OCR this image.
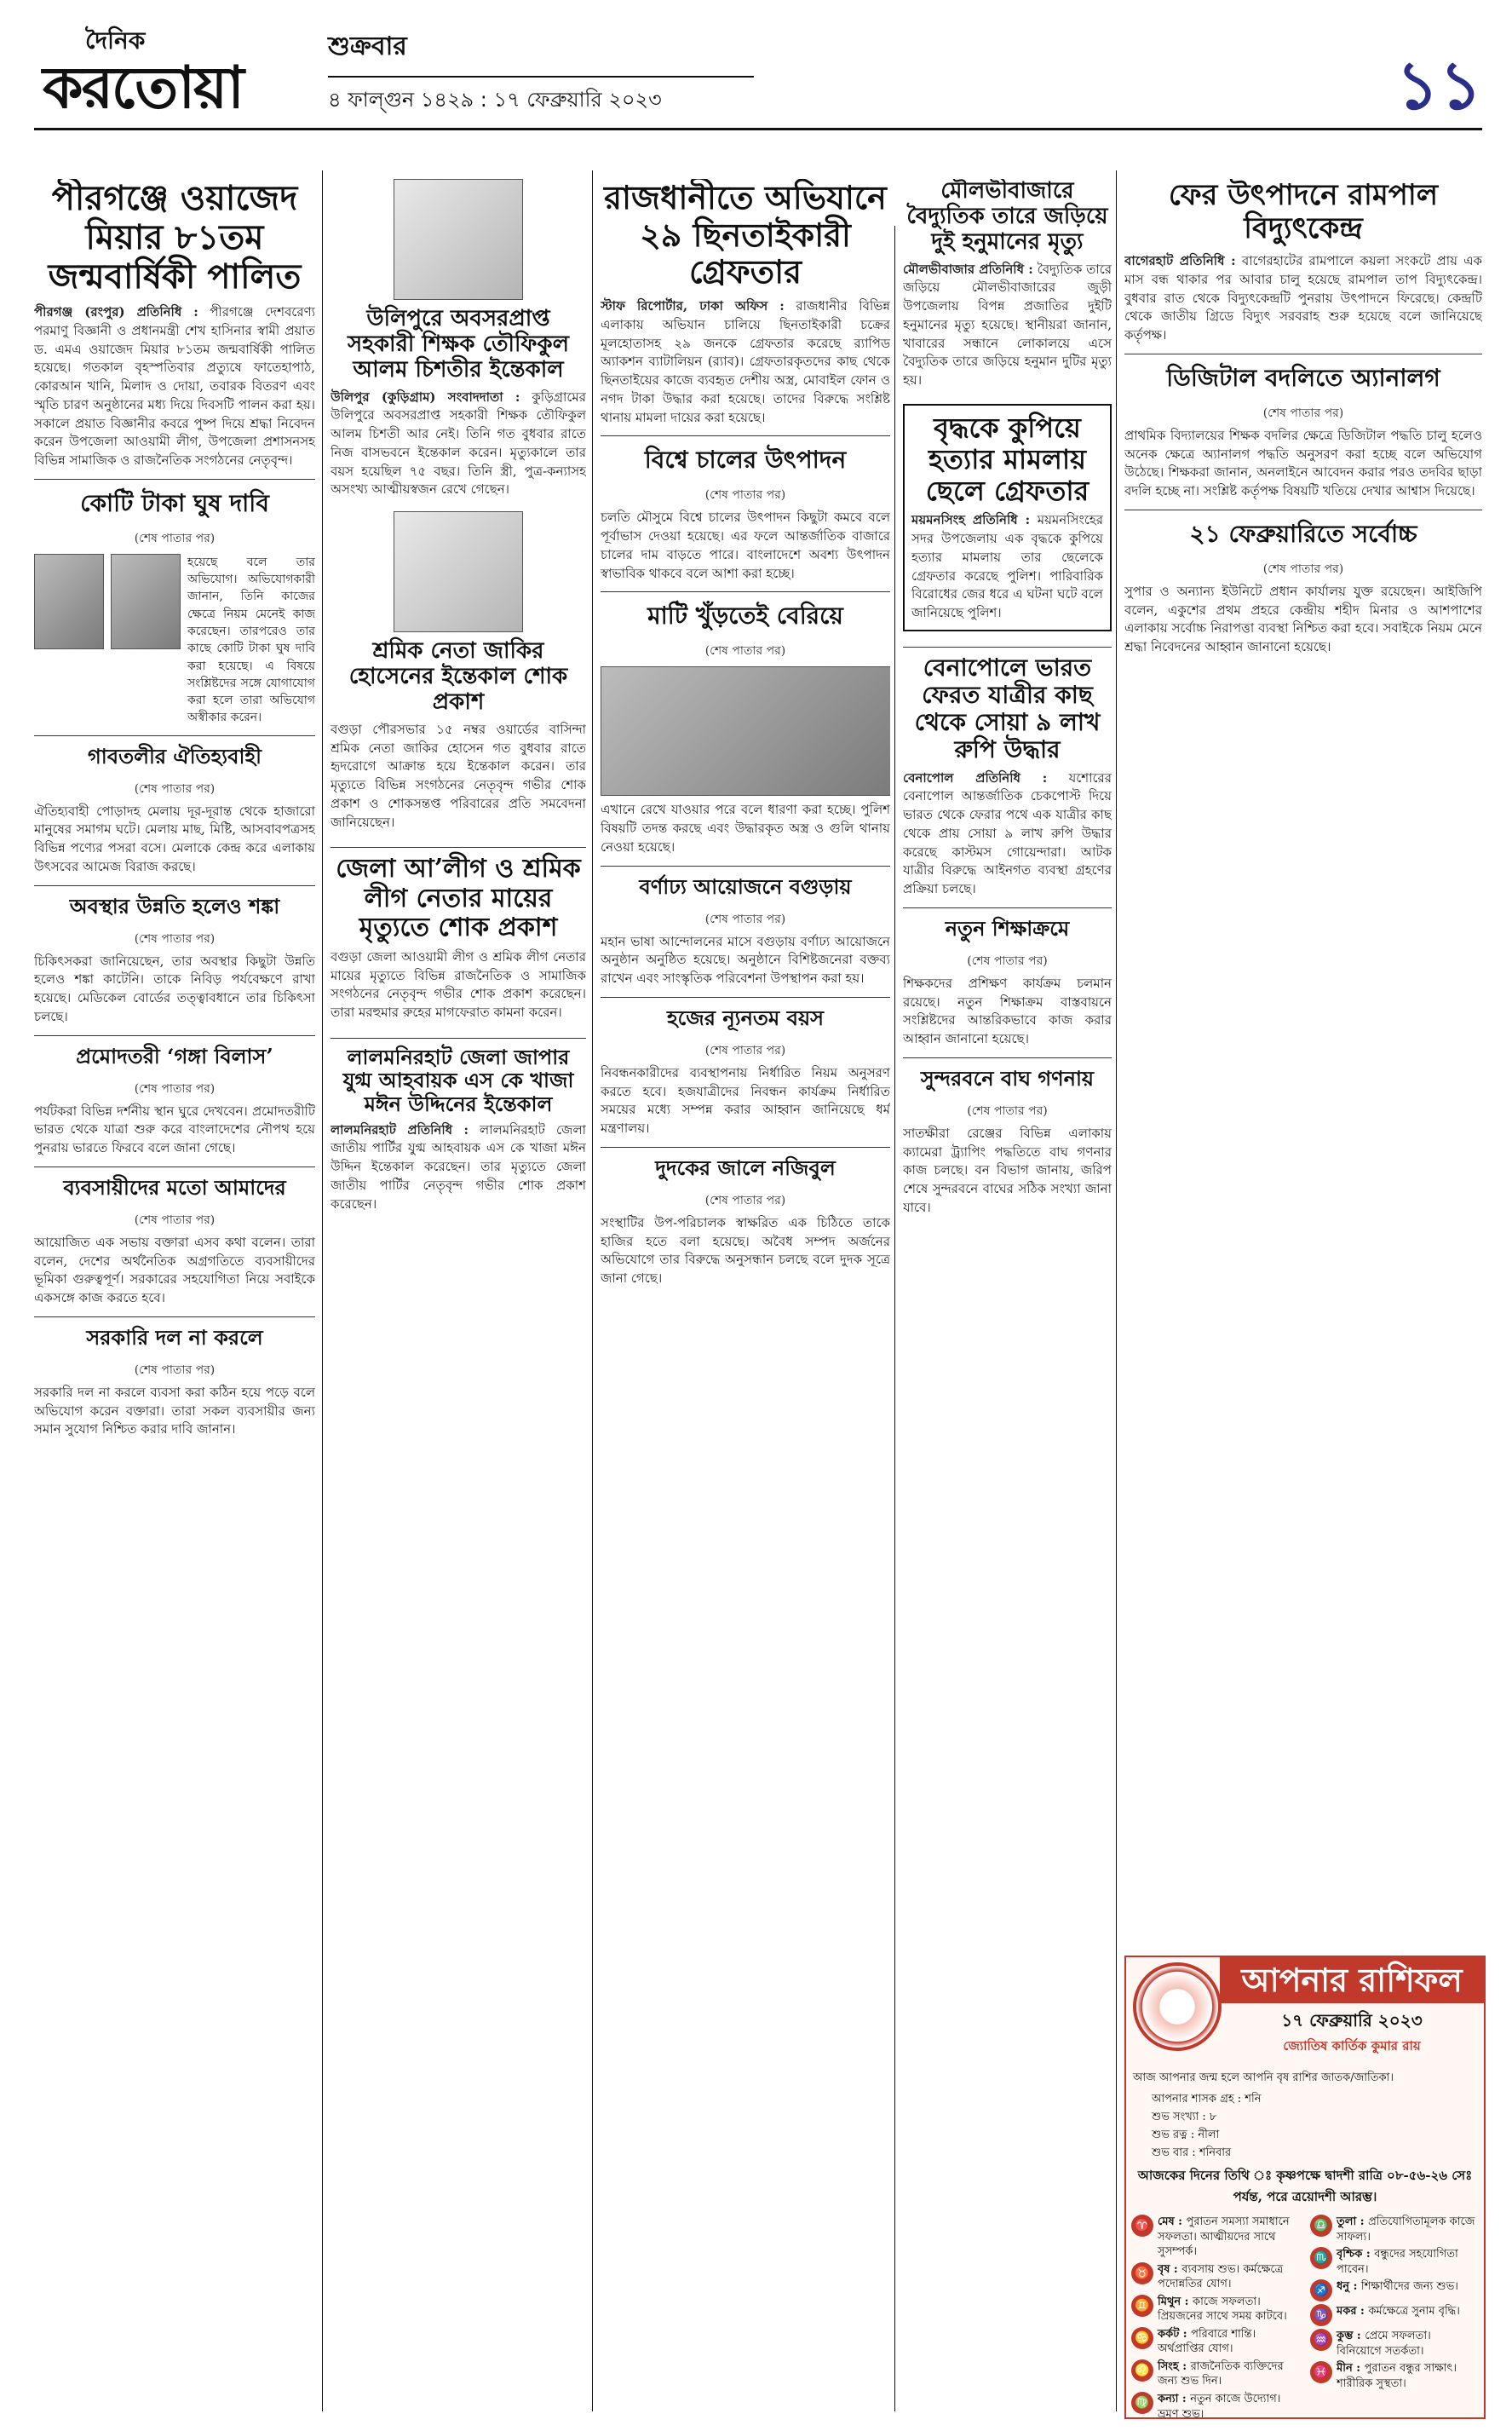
দৈনিক
করতোয়া
শুক্রবার
৪ ফাল্গুন ১৪২৯ : ১৭ ফেব্রুয়ারি ২০২৩	১১
পীরগঞ্জে ওয়াজেদ মিয়ার ৮১তম জন্মবার্ষিকী পালিত

পীরগঞ্জ (রংপুর) প্রতিনিধি : পীরগঞ্জে দেশবরেণ্য পরমাণু বিজ্ঞানী ও প্রধানমন্ত্রী শেখ হাসিনার স্বামী প্রয়াত ড. এমএ ওয়াজেদ মিয়ার ৮১তম জন্মবার্ষিকী পালিত হয়েছে। গতকাল বৃহস্পতিবার প্রত্যুষে ফাতেহাপাঠ, কোরআন খানি, মিলাদ ও দোয়া, তবারক বিতরণ এবং স্মৃতি চারণ অনুষ্ঠানের মধ্য দিয়ে দিবসটি পালন করা হয়। সকালে প্রয়াত বিজ্ঞানীর কবরে পুষ্প দিয়ে শ্রদ্ধা নিবেদন করেন উপজেলা আওয়ামী লীগ, উপজেলা প্রশাসনসহ বিভিন্ন সামাজিক ও রাজনৈতিক সংগঠনের নেতৃবৃন্দ।

কোটি টাকা ঘুষ দাবি
(শেষ পাতার পর)

হয়েছে বলে তার অভিযোগ। অভিযোগকারী জানান, তিনি কাজের ক্ষেত্রে নিয়ম মেনেই কাজ করেছেন। তারপরেও তার কাছে কোটি টাকা ঘুষ দাবি করা হয়েছে। এ বিষয়ে সংশ্লিষ্টদের সঙ্গে যোগাযোগ করা হলে তারা অভিযোগ অস্বীকার করেন।

গাবতলীর ঐতিহ্যবাহী
(শেষ পাতার পর)

ঐতিহ্যবাহী পোড়াদহ মেলায় দূর-দূরান্ত থেকে হাজারো মানুষের সমাগম ঘটে। মেলায় মাছ, মিষ্টি, আসবাবপত্রসহ বিভিন্ন পণ্যের পসরা বসে। মেলাকে কেন্দ্র করে এলাকায় উৎসবের আমেজ বিরাজ করছে।

অবস্থার উন্নতি হলেও শঙ্কা
(শেষ পাতার পর)

চিকিৎসকরা জানিয়েছেন, তার অবস্থার কিছুটা উন্নতি হলেও শঙ্কা কাটেনি। তাকে নিবিড় পর্যবেক্ষণে রাখা হয়েছে। মেডিকেল বোর্ডের তত্ত্বাবধানে তার চিকিৎসা চলছে।

প্রমোদতরী ‘গঙ্গা বিলাস’
(শেষ পাতার পর)

পর্যটকরা বিভিন্ন দর্শনীয় স্থান ঘুরে দেখবেন। প্রমোদতরীটি ভারত থেকে যাত্রা শুরু করে বাংলাদেশের নৌপথ হয়ে পুনরায় ভারতে ফিরবে বলে জানা গেছে।

ব্যবসায়ীদের মতো আমাদের
(শেষ পাতার পর)

আয়োজিত এক সভায় বক্তারা এসব কথা বলেন। তারা বলেন, দেশের অর্থনৈতিক অগ্রগতিতে ব্যবসায়ীদের ভূমিকা গুরুত্বপূর্ণ। সরকারের সহযোগিতা নিয়ে সবাইকে একসঙ্গে কাজ করতে হবে।

সরকারি দল না করলে
(শেষ পাতার পর)

সরকারি দল না করলে ব্যবসা করা কঠিন হয়ে পড়ে বলে অভিযোগ করেন বক্তারা। তারা সকল ব্যবসায়ীর জন্য সমান সুযোগ নিশ্চিত করার দাবি জানান।

উলিপুরে অবসরপ্রাপ্ত সহকারী শিক্ষক তৌফিকুল আলম চিশতীর ইন্তেকাল

উলিপুর (কুড়িগ্রাম) সংবাদদাতা : কুড়িগ্রামের উলিপুরে অবসরপ্রাপ্ত সহকারী শিক্ষক তৌফিকুল আলম চিশতী আর নেই। তিনি গত বুধবার রাতে নিজ বাসভবনে ইন্তেকাল করেন। মৃত্যুকালে তার বয়স হয়েছিল ৭৫ বছর। তিনি স্ত্রী, পুত্র-কন্যাসহ অসংখ্য আত্মীয়স্বজন রেখে গেছেন।

শ্রমিক নেতা জাকির হোসেনের ইন্তেকাল শোক প্রকাশ

বগুড়া পৌরসভার ১৫ নম্বর ওয়ার্ডের বাসিন্দা শ্রমিক নেতা জাকির হোসেন গত বুধবার রাতে হৃদরোগে আক্রান্ত হয়ে ইন্তেকাল করেন। তার মৃত্যুতে বিভিন্ন সংগঠনের নেতৃবৃন্দ গভীর শোক প্রকাশ ও শোকসন্তপ্ত পরিবারের প্রতি সমবেদনা জানিয়েছেন।

জেলা আ’লীগ ও শ্রমিক লীগ নেতার মায়ের মৃত্যুতে শোক প্রকাশ

বগুড়া জেলা আওয়ামী লীগ ও শ্রমিক লীগ নেতার মায়ের মৃত্যুতে বিভিন্ন রাজনৈতিক ও সামাজিক সংগঠনের নেতৃবৃন্দ গভীর শোক প্রকাশ করেছেন। তারা মরহুমার রুহের মাগফেরাত কামনা করেন।

লালমনিরহাট জেলা জাপার যুগ্ম আহবায়ক এস কে খাজা মঈন উদ্দিনের ইন্তেকাল

লালমনিরহাট প্রতিনিধি : লালমনিরহাট জেলা জাতীয় পার্টির যুগ্ম আহবায়ক এস কে খাজা মঈন উদ্দিন ইন্তেকাল করেছেন। তার মৃত্যুতে জেলা জাতীয় পার্টির নেতৃবৃন্দ গভীর শোক প্রকাশ করেছেন।

রাজধানীতে অভিযানে ২৯ ছিনতাইকারী গ্রেফতার

স্টাফ রিপোর্টার, ঢাকা অফিস : রাজধানীর বিভিন্ন এলাকায় অভিযান চালিয়ে ছিনতাইকারী চক্রের মূলহোতাসহ ২৯ জনকে গ্রেফতার করেছে র‍্যাপিড অ্যাকশন ব্যাটালিয়ন (র‍্যাব)। গ্রেফতারকৃতদের কাছ থেকে ছিনতাইয়ের কাজে ব্যবহৃত দেশীয় অস্ত্র, মোবাইল ফোন ও নগদ টাকা উদ্ধার করা হয়েছে। তাদের বিরুদ্ধে সংশ্লিষ্ট থানায় মামলা দায়ের করা হয়েছে।

বিশ্বে চালের উৎপাদন
(শেষ পাতার পর)

চলতি মৌসুমে বিশ্বে চালের উৎপাদন কিছুটা কমবে বলে পূর্বাভাস দেওয়া হয়েছে। এর ফলে আন্তর্জাতিক বাজারে চালের দাম বাড়তে পারে। বাংলাদেশে অবশ্য উৎপাদন স্বাভাবিক থাকবে বলে আশা করা হচ্ছে।

মাটি খুঁড়তেই বেরিয়ে
(শেষ পাতার পর)

এখানে রেখে যাওয়ার পরে বলে ধারণা করা হচ্ছে। পুলিশ বিষয়টি তদন্ত করছে এবং উদ্ধারকৃত অস্ত্র ও গুলি থানায় নেওয়া হয়েছে।

বর্ণাঢ্য আয়োজনে বগুড়ায়
(শেষ পাতার পর)

মহান ভাষা আন্দোলনের মাসে বগুড়ায় বর্ণাঢ্য আয়োজনে অনুষ্ঠান অনুষ্ঠিত হয়েছে। অনুষ্ঠানে বিশিষ্টজনেরা বক্তব্য রাখেন এবং সাংস্কৃতিক পরিবেশনা উপস্থাপন করা হয়।

হজের ন্যূনতম বয়স
(শেষ পাতার পর)

নিবন্ধনকারীদের ব্যবস্থাপনায় নির্ধারিত নিয়ম অনুসরণ করতে হবে। হজযাত্রীদের নিবন্ধন কার্যক্রম নির্ধারিত সময়ের মধ্যে সম্পন্ন করার আহ্বান জানিয়েছে ধর্ম মন্ত্রণালয়।

দুদকের জালে নজিবুল
(শেষ পাতার পর)

সংস্থাটির উপ-পরিচালক স্বাক্ষরিত এক চিঠিতে তাকে হাজির হতে বলা হয়েছে। অবৈধ সম্পদ অর্জনের অভিযোগে তার বিরুদ্ধে অনুসন্ধান চলছে বলে দুদক সূত্রে জানা গেছে।

মৌলভীবাজারে বৈদ্যুতিক তারে জড়িয়ে দুই হনুমানের মৃত্যু

মৌলভীবাজার প্রতিনিধি : বৈদ্যুতিক তারে জড়িয়ে মৌলভীবাজারের জুড়ী উপজেলায় বিপন্ন প্রজাতির দুইটি হনুমানের মৃত্যু হয়েছে। স্থানীয়রা জানান, খাবারের সন্ধানে লোকালয়ে এসে বৈদ্যুতিক তারে জড়িয়ে হনুমান দুটির মৃত্যু হয়।

বৃদ্ধকে কুপিয়ে হত্যার মামলায় ছেলে গ্রেফতার

ময়মনসিংহ প্রতিনিধি : ময়মনসিংহের সদর উপজেলায় এক বৃদ্ধকে কুপিয়ে হত্যার মামলায় তার ছেলেকে গ্রেফতার করেছে পুলিশ। পারিবারিক বিরোধের জের ধরে এ ঘটনা ঘটে বলে জানিয়েছে পুলিশ।

বেনাপোলে ভারত ফেরত যাত্রীর কাছ থেকে সোয়া ৯ লাখ রুপি উদ্ধার

বেনাপোল প্রতিনিধি : যশোরের বেনাপোল আন্তর্জাতিক চেকপোস্ট দিয়ে ভারত থেকে ফেরার পথে এক যাত্রীর কাছ থেকে প্রায় সোয়া ৯ লাখ রুপি উদ্ধার করেছে কাস্টমস গোয়েন্দারা। আটক যাত্রীর বিরুদ্ধে আইনগত ব্যবস্থা গ্রহণের প্রক্রিয়া চলছে।

নতুন শিক্ষাক্রমে
(শেষ পাতার পর)

শিক্ষকদের প্রশিক্ষণ কার্যক্রম চলমান রয়েছে। নতুন শিক্ষাক্রম বাস্তবায়নে সংশ্লিষ্টদের আন্তরিকভাবে কাজ করার আহ্বান জানানো হয়েছে।

সুন্দরবনে বাঘ গণনায়
(শেষ পাতার পর)

সাতক্ষীরা রেঞ্জের বিভিন্ন এলাকায় ক্যামেরা ট্র্যাপিং পদ্ধতিতে বাঘ গণনার কাজ চলছে। বন বিভাগ জানায়, জরিপ শেষে সুন্দরবনে বাঘের সঠিক সংখ্যা জানা যাবে।

ফের উৎপাদনে রামপাল বিদ্যুৎকেন্দ্র

বাগেরহাট প্রতিনিধি : বাগেরহাটের রামপালে কয়লা সংকটে প্রায় এক মাস বন্ধ থাকার পর আবার চালু হয়েছে রামপাল তাপ বিদ্যুৎকেন্দ্র। বুধবার রাত থেকে বিদ্যুৎকেন্দ্রটি পুনরায় উৎপাদনে ফিরেছে। কেন্দ্রটি থেকে জাতীয় গ্রিডে বিদ্যুৎ সরবরাহ শুরু হয়েছে বলে জানিয়েছে কর্তৃপক্ষ।

ডিজিটাল বদলিতে অ্যানালগ
(শেষ পাতার পর)

প্রাথমিক বিদ্যালয়ের শিক্ষক বদলির ক্ষেত্রে ডিজিটাল পদ্ধতি চালু হলেও অনেক ক্ষেত্রে অ্যানালগ পদ্ধতি অনুসরণ করা হচ্ছে বলে অভিযোগ উঠেছে। শিক্ষকরা জানান, অনলাইনে আবেদন করার পরও তদবির ছাড়া বদলি হচ্ছে না। সংশ্লিষ্ট কর্তৃপক্ষ বিষয়টি খতিয়ে দেখার আশ্বাস দিয়েছে।

২১ ফেব্রুয়ারিতে সর্বোচ্চ
(শেষ পাতার পর)

সুপার ও অন্যান্য ইউনিটে প্রধান কার্যালয় যুক্ত রয়েছেন। আইজিপি বলেন, একুশের প্রথম প্রহরে কেন্দ্রীয় শহীদ মিনার ও আশপাশের এলাকায় সর্বোচ্চ নিরাপত্তা ব্যবস্থা নিশ্চিত করা হবে। সবাইকে নিয়ম মেনে শ্রদ্ধা নিবেদনের আহ্বান জানানো হয়েছে।

আপনার রাশিফল
১৭ ফেব্রুয়ারি ২০২৩
জ্যোতিষ কার্তিক কুমার রায়
আজ আপনার জন্ম হলে আপনি বৃষ রাশির জাতক/জাতিকা।
আপনার শাসক গ্রহ : শনি
শুভ সংখ্যা : ৮
শুভ রত্ন : নীলা
শুভ বার : শনিবার
আজকের দিনের তিথি ঃ কৃষ্ণপক্ষে দ্বাদশী রাত্রি ০৮-৫৬-২৬ সেঃ পর্যন্ত, পরে ত্রয়োদশী আরম্ভ।
♈ মেষ : পুরাতন সমস্যা সমাধানে সফলতা। আত্মীয়দের সাথে সুসম্পর্ক।
♉ বৃষ : ব্যবসায় শুভ। কর্মক্ষেত্রে পদোন্নতির যোগ।
♊ মিথুন : কাজে সফলতা। প্রিয়জনের সাথে সময় কাটবে।
♋ কর্কট : পরিবারে শান্তি। অর্থপ্রাপ্তির যোগ।
♌ সিংহ : রাজনৈতিক ব্যক্তিদের জন্য শুভ দিন।
♍ কন্যা : নতুন কাজে উদ্যোগ। ভ্রমণ শুভ।
♎ তুলা : প্রতিযোগিতামূলক কাজে সাফল্য।
♏ বৃশ্চিক : বন্ধুদের সহযোগিতা পাবেন।
♐ ধনু : শিক্ষার্থীদের জন্য শুভ।
♑ মকর : কর্মক্ষেত্রে সুনাম বৃদ্ধি।
♒ কুম্ভ : প্রেমে সফলতা। বিনিয়োগে সতর্কতা।
♓ মীন : পুরাতন বন্ধুর সাক্ষাৎ। শারীরিক সুস্থতা।
